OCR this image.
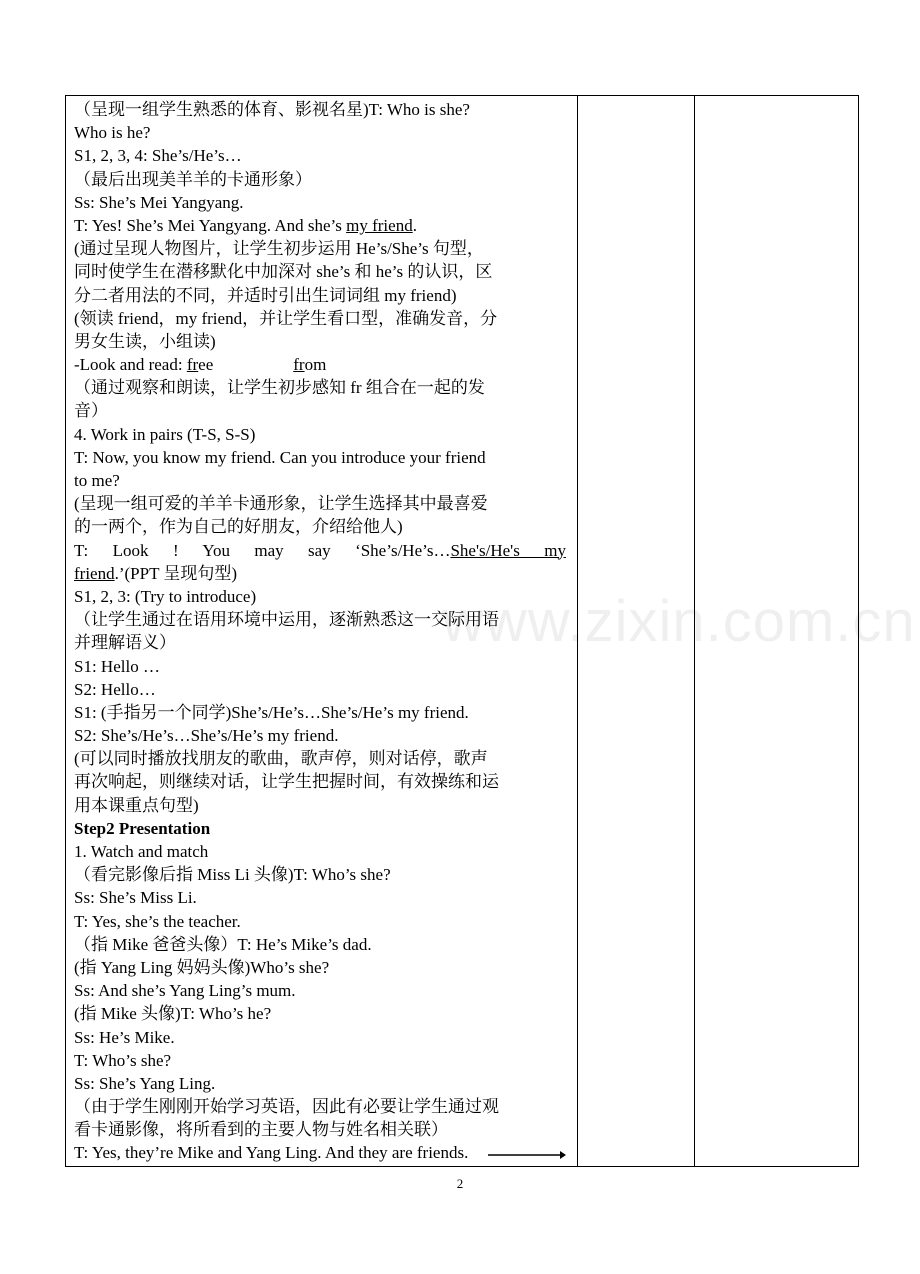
（呈现一组学生熟悉的体育、影视名星)T: Who is she?
Who is he?
S1, 2, 3, 4: She’s/He’s…
（最后出现美羊羊的卡通形象）
Ss: She’s Mei Yangyang.
T: Yes! She’s Mei Yangyang. And she’s my friend.
(通过呈现人物图片，让学生初步运用 He’s/She’s 句型，
同时使学生在潜移默化中加深对 she’s 和 he’s 的认识，区
分二者用法的不同，并适时引出生词词组 my friend)
(领读 friend，my friend，并让学生看口型，准确发音，分
男女生读，小组读)
-Look and read: free	from
（通过观察和朗读，让学生初步感知 fr 组合在一起的发
音）
4. Work in pairs (T-S, S-S)
T: Now, you know my friend. Can you introduce your friend
to me?
(呈现一组可爱的羊羊卡通形象，让学生选择其中最喜爱
的一两个，作为自己的好朋友，介绍给他人)
T: Look ! You may say ‘She’s/He’s…She's/He's my
friend.’(PPT 呈现句型)
S1, 2, 3: (Try to introduce)
（让学生通过在语用环境中运用，逐渐熟悉这一交际用语
并理解语义）
S1: Hello …
S2: Hello…
S1: (手指另一个同学)She’s/He’s…She’s/He’s my friend.
S2: She’s/He’s…She’s/He’s my friend.
(可以同时播放找朋友的歌曲，歌声停，则对话停，歌声
再次响起，则继续对话，让学生把握时间，有效操练和运
用本课重点句型)
Step2 Presentation
1. Watch and match
（看完影像后指 Miss Li 头像)T: Who’s she?
Ss: She’s Miss Li.
T: Yes, she’s the teacher.
（指 Mike 爸爸头像）T: He’s Mike’s dad.
(指 Yang Ling 妈妈头像)Who’s she?
Ss: And she’s Yang Ling’s mum.
(指 Mike 头像)T: Who’s he?
Ss: He’s Mike.
T: Who’s she?
Ss: She’s Yang Ling.
（由于学生刚刚开始学习英语，因此有必要让学生通过观
看卡通影像，将所看到的主要人物与姓名相关联）
T: Yes, they’re Mike and Yang Ling. And they are friends.
www.zixin.com.cn
2
